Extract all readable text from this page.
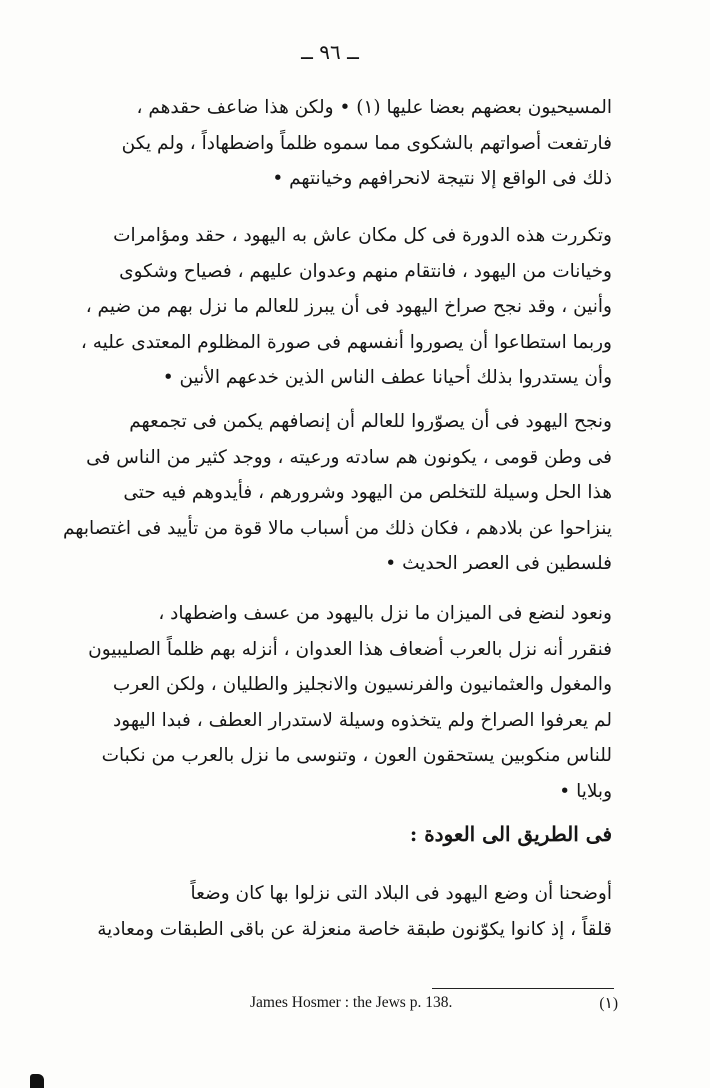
ــ ٩٦ ــ
المسيحيون بعضهم بعضا عليها (١) • ولكن هذا ضاعف حقدهم ،
فارتفعت أصواتهم بالشكوى مما سموه ظلماً واضطهاداً ، ولم يكن
ذلك فى الواقع إلا نتيجة لانحرافهم وخيانتهم •
وتكررت هذه الدورة فى كل مكان عاش به اليهود ، حقد ومؤامرات
وخيانات من اليهود ، فانتقام منهم وعدوان عليهم ، فصياح وشكوى
وأنين ، وقد نجح صراخ اليهود فى أن يبرز للعالم ما نزل بهم من ضيم ،
وربما استطاعوا أن يصوروا أنفسهم فى صورة المظلوم المعتدى عليه ،
وأن يستدروا بذلك أحيانا عطف الناس الذين خدعهم الأنين •
ونجح اليهود فى أن يصوّروا للعالم أن إنصافهم يكمن فى تجمعهم
فى وطن قومى ، يكونون هم سادته ورعيته ، ووجد كثير من الناس فى
هذا الحل وسيلة للتخلص من اليهود وشرورهم ، فأيدوهم فيه حتى
ينزاحوا عن بلادهم ، فكان ذلك من أسباب مالا قوة من تأييد فى اغتصابهم
فلسطين فى العصر الحديث •
ونعود لنضع فى الميزان ما نزل باليهود من عسف واضطهاد ،
فنقرر أنه نزل بالعرب أضعاف هذا العدوان ، أنزله بهم ظلماً الصليبيون
والمغول والعثمانيون والفرنسيون والانجليز والطليان ، ولكن العرب
لم يعرفوا الصراخ ولم يتخذوه وسيلة لاستدرار العطف ، فبدا اليهود
للناس منكوبين يستحقون العون ، وتنوسى ما نزل بالعرب من نكبات
وبلايا •
فى الطريق الى العودة :
أوضحنا أن وضع اليهود فى البلاد التى نزلوا بها كان وضعاً
قلقاً ، إذ كانوا يكوّنون طبقة خاصة منعزلة عن باقى الطبقات ومعادية
James Hosmer : the Jews p. 138.	(١)
